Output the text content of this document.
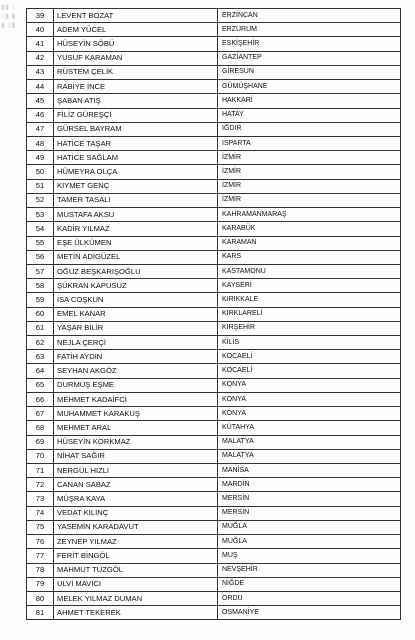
▮▮ ▯
▯▮ ▮
▮ ▯▮
39	LEVENT BOZAT	ERZİNCAN
40	ADEM YÜCEL	ERZURUM
41	HÜSEYİN SÖBÜ	ESKİŞEHİR
42	YUSUF KARAMAN	GAZİANTEP
43	RÜSTEM ÇELİK	GİRESUN
44	RABİYE İNCE	GÜMÜŞHANE
45	ŞABAN ATIŞ	HAKKARİ
46	FİLİZ GÜREŞÇİ	HATAY
47	GÜRSEL BAYRAM	IĞDIR
48	HATİCE TAŞAR	ISPARTA
49	HATİCE SAĞLAM	İZMİR
50	HÜMEYRA OLÇA	İZMİR
51	KIYMET GENÇ	İZMİR
52	TAMER TASALI	İZMİR
53	MUSTAFA AKSU	KAHRAMANMARAŞ
54	KADİR YILMAZ	KARABÜK
55	EŞE ÜLKÜMEN	KARAMAN
56	METİN ADIGÜZEL	KARS
57	OĞUZ BEŞKARIŞOĞLU	KASTAMONU
58	ŞÜKRAN KAPUSUZ	KAYSERİ
59	İSA COŞKUN	KIRIKKALE
60	EMEL KANAR	KIRKLARELİ
61	YAŞAR BİLİR	KIRŞEHİR
62	NEJLA ÇERÇİ	KİLİS
63	FATİH AYDIN	KOCAELİ
64	SEYHAN AKGÖZ	KOCAELİ
65	DURMUŞ EŞME	KONYA
66	MEHMET KADAİFCİ	KONYA
67	MUHAMMET KARAKUŞ	KONYA
68	MEHMET ARAL	KÜTAHYA
69	HÜSEYİN KORKMAZ	MALATYA
70	NİHAT SAĞIR	MALATYA
71	NERGÜL HIZLI	MANİSA
72	CANAN SABAZ	MARDİN
73	MÜŞRA KAYA	MERSİN
74	VEDAT KILINÇ	MERSİN
75	YASEMİN KARADAVUT	MUĞLA
76	ZEYNEP YILMAZ	MUĞLA
77	FERİT BİNGÖL	MUŞ
78	MAHMUT TUZGÖL	NEVŞEHİR
79	ULVİ MAVICI	NİĞDE
80	MELEK YILMAZ DUMAN	ORDU
81	AHMET TEKEREK	OSMANİYE
